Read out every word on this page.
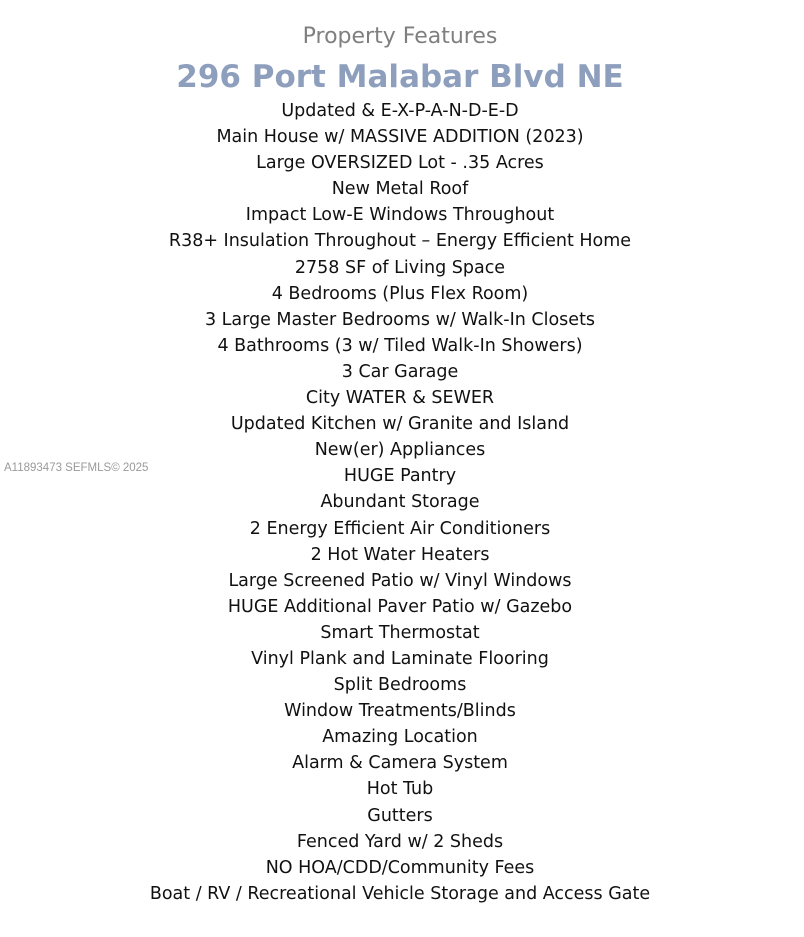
Property Features
296 Port Malabar Blvd NE
Updated & E-X-P-A-N-D-E-D
Main House w/ MASSIVE ADDITION (2023)
Large OVERSIZED Lot - .35 Acres
New Metal Roof
Impact Low-E Windows Throughout
R38+ Insulation Throughout – Energy Efficient Home
2758 SF of Living Space
4 Bedrooms (Plus Flex Room)
3 Large Master Bedrooms w/ Walk-In Closets
4 Bathrooms (3 w/ Tiled Walk-In Showers)
3 Car Garage
City WATER & SEWER
Updated Kitchen w/ Granite and Island
New(er) Appliances
HUGE Pantry
Abundant Storage
2 Energy Efficient Air Conditioners
2 Hot Water Heaters
Large Screened Patio w/ Vinyl Windows
HUGE Additional Paver Patio w/ Gazebo
Smart Thermostat
Vinyl Plank and Laminate Flooring
Split Bedrooms
Window Treatments/Blinds
Amazing Location
Alarm & Camera System
Hot Tub
Gutters
Fenced Yard w/ 2 Sheds
NO HOA/CDD/Community Fees
Boat / RV / Recreational Vehicle Storage and Access Gate
A11893473 SEFMLS© 2025
